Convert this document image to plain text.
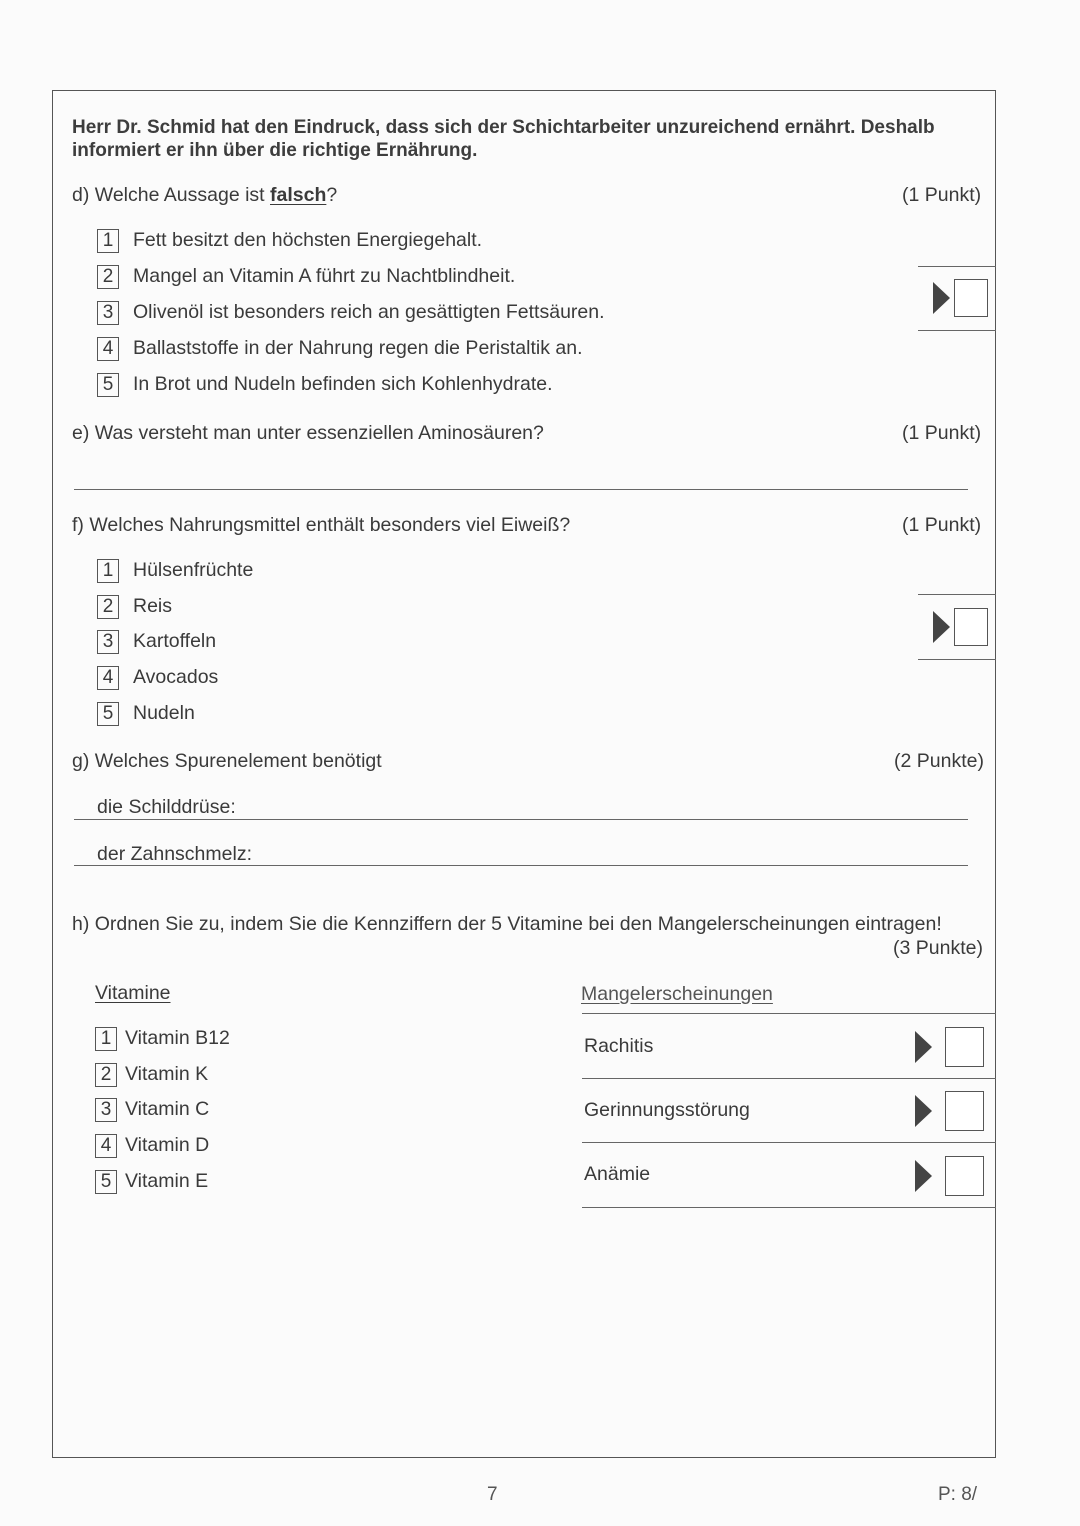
Herr Dr. Schmid hat den Eindruck, dass sich der Schichtarbeiter unzureichend ernährt. Deshalb
informiert er ihn über die richtige Ernährung.
d) Welche Aussage ist falsch?	(1 Punkt)
1 Fett besitzt den höchsten Energiegehalt.
2 Mangel an Vitamin A führt zu Nachtblindheit.
3 Olivenöl ist besonders reich an gesättigten Fettsäuren.
4 Ballaststoffe in der Nahrung regen die Peristaltik an.
5 In Brot und Nudeln befinden sich Kohlenhydrate.
e) Was versteht man unter essenziellen Aminosäuren?	(1 Punkt)
f) Welches Nahrungsmittel enthält besonders viel Eiweiß?	(1 Punkt)
1 Hülsenfrüchte
2 Reis
3 Kartoffeln
4 Avocados
5 Nudeln
g) Welches Spurenelement benötigt	(2 Punkte)
die Schilddrüse:
der Zahnschmelz:
h) Ordnen Sie zu, indem Sie die Kennziffern der 5 Vitamine bei den Mangelerscheinungen eintragen!
(3 Punkte)
Vitamine	Mangelerscheinungen
1 Vitamin B12
2 Vitamin K
3 Vitamin C
4 Vitamin D
5 Vitamin E
Rachitis
Gerinnungsstörung
Anämie
7	P: 8/
